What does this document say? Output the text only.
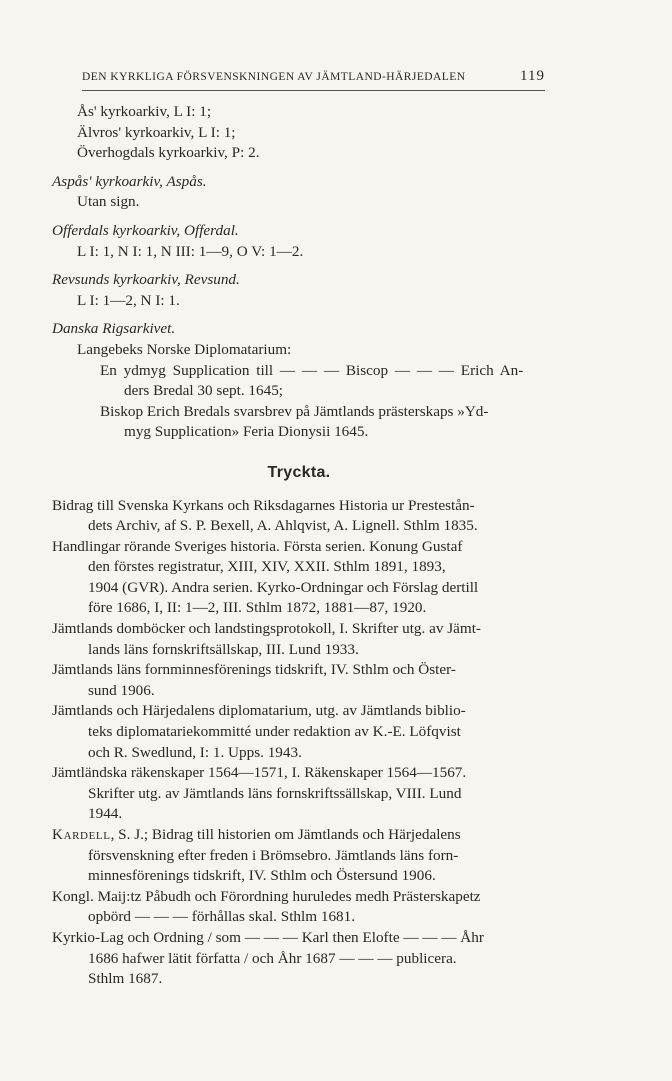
DEN KYRKLIGA FÖRSVENSKNINGEN AV JÄMTLAND-HÄRJEDALEN	119
Ås' kyrkoarkiv, L I: 1;
Älvros' kyrkoarkiv, L I: 1;
Överhogdals kyrkoarkiv, P: 2.
Aspås' kyrkoarkiv, Aspås.
Utan sign.
Offerdals kyrkoarkiv, Offerdal.
L I: 1, N I: 1, N III: 1—9, O V: 1—2.
Revsunds kyrkoarkiv, Revsund.
L I: 1—2, N I: 1.
Danska Rigsarkivet.
Langebeks Norske Diplomatarium:
En ydmyg Supplication till — — — Biscop — — — Erich An-
ders Bredal 30 sept. 1645;
Biskop Erich Bredals svarsbrev på Jämtlands prästerskaps »Yd-
myg Supplication» Feria Dionysii 1645.
Tryckta.
Bidrag till Svenska Kyrkans och Riksdagarnes Historia ur Prestestån-
dets Archiv, af S. P. Bexell, A. Ahlqvist, A. Lignell. Sthlm 1835.
Handlingar rörande Sveriges historia. Första serien. Konung Gustaf
den förstes registratur, XIII, XIV, XXII. Sthlm 1891, 1893,
1904 (GVR). Andra serien. Kyrko-Ordningar och Förslag dertill
före 1686, I, II: 1—2, III. Sthlm 1872, 1881—87, 1920.
Jämtlands domböcker och landstingsprotokoll, I. Skrifter utg. av Jämt-
lands läns fornskriftsällskap, III. Lund 1933.
Jämtlands läns fornminnesförenings tidskrift, IV. Sthlm och Öster-
sund 1906.
Jämtlands och Härjedalens diplomatarium, utg. av Jämtlands biblio-
teks diplomatariekommitté under redaktion av K.-E. Löfqvist
och R. Swedlund, I: 1. Upps. 1943.
Jämtländska räkenskaper 1564—1571, I. Räkenskaper 1564—1567.
Skrifter utg. av Jämtlands läns fornskriftssällskap, VIII. Lund
1944.
Kardell, S. J.; Bidrag till historien om Jämtlands och Härjedalens
försvenskning efter freden i Brömsebro. Jämtlands läns forn-
minnesförenings tidskrift, IV. Sthlm och Östersund 1906.
Kongl. Maij:tz Påbudh och Förordning huruledes medh Prästerskapetz
opbörd — — — förhållas skal. Sthlm 1681.
Kyrkio-Lag och Ordning / som — — — Karl then Elofte — — — Åhr
1686 hafwer lätit författa / och Åhr 1687 — — — publicera.
Sthlm 1687.
